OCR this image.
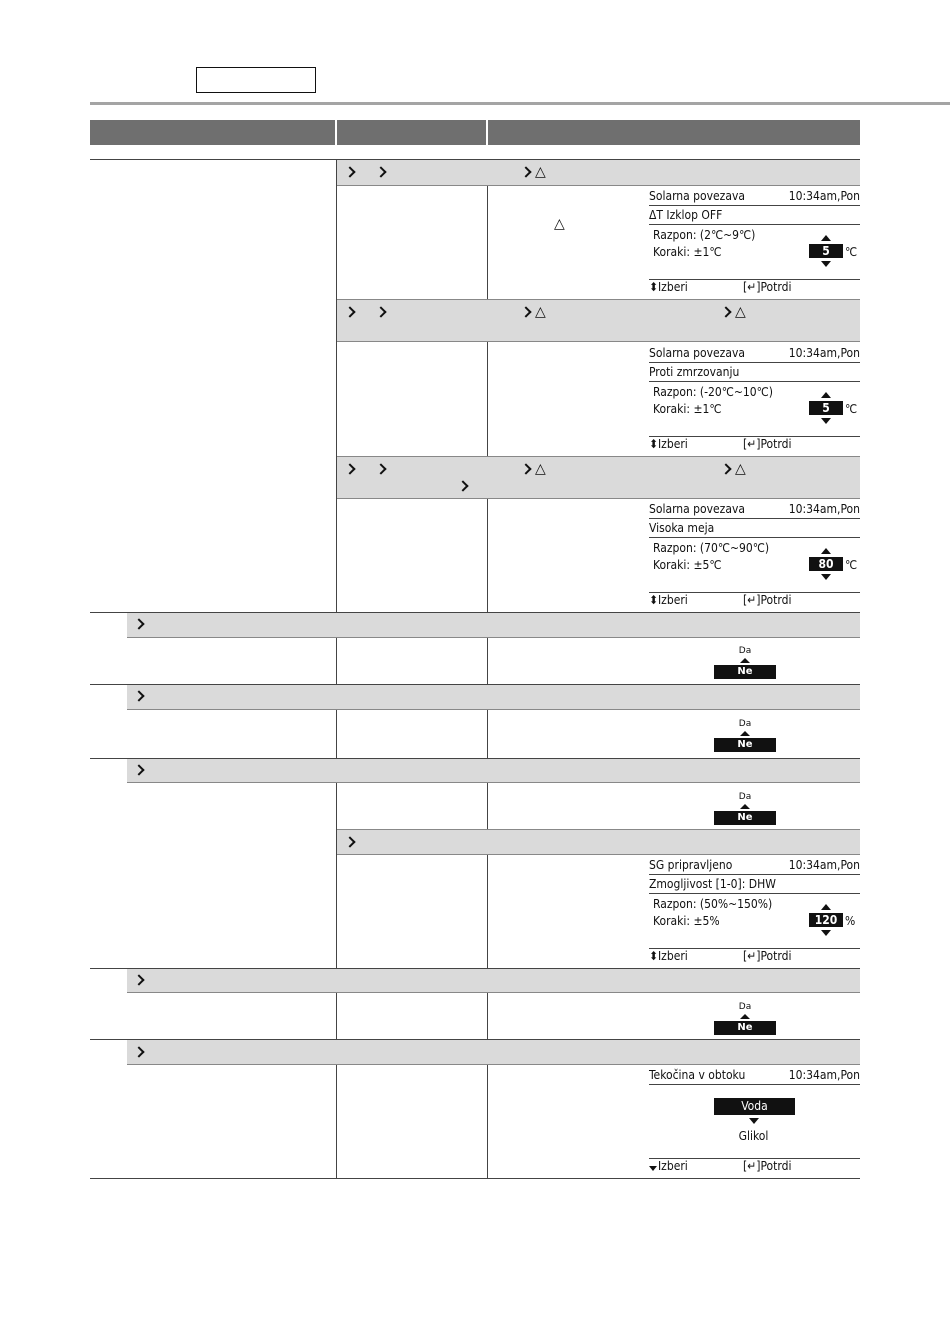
△
△
Solarna povezava	10:34am,Pon
ΔT Izklop OFF
Razpon: (2℃~9℃)
Koraki: ±1℃	5	℃
⬍ Izberi	[↵]Potrdi
△	△
Solarna povezava	10:34am,Pon
Proti zmrzovanju
Razpon: (-20℃~10℃)
Koraki: ±1℃	5	℃
⬍ Izberi	[↵]Potrdi
△	△
Solarna povezava	10:34am,Pon
Visoka meja
Razpon: (70℃~90℃)
Koraki: ±5℃	80 ℃
⬍ Izberi	[↵]Potrdi
Da
Ne
Da
Ne
Da
Ne
SG pripravljeno	10:34am,Pon
Zmogljivost [1-0]: DHW
Razpon: (50%~150%)
Koraki: ±5%	120 %
⬍ Izberi	[↵]Potrdi
Da
Ne
Tekočina v obtoku	10:34am,Pon
Voda
Glikol
Izberi	[↵]Potrdi
